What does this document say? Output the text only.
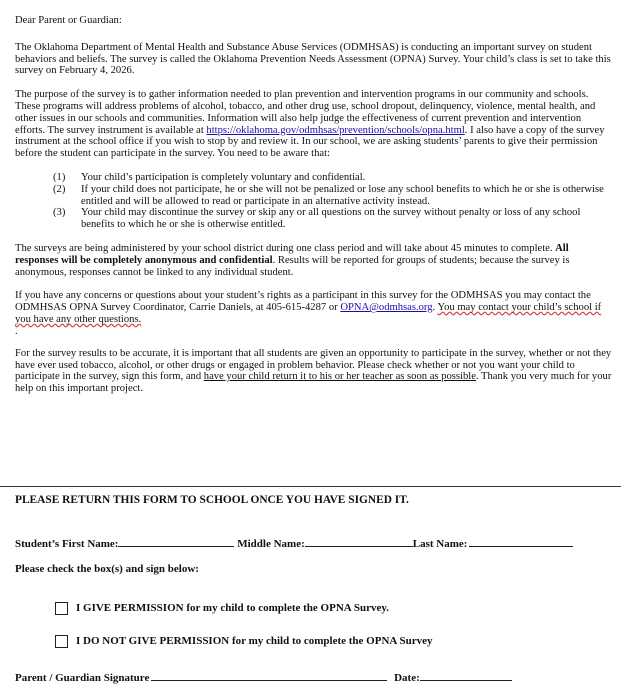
Dear Parent or Guardian:

The Oklahoma Department of Mental Health and Substance Abuse Services (ODMHSAS) is conducting an important survey on student behaviors and beliefs. The survey is called the Oklahoma Prevention Needs Assessment (OPNA) Survey. Your child’s class is set to take this survey on February 4, 2026.

The purpose of the survey is to gather information needed to plan prevention and intervention programs in our community and schools. These programs will address problems of alcohol, tobacco, and other drug use, school dropout, delinquency, violence, mental health, and other issues in our schools and communities. Information will also help judge the effectiveness of current prevention and intervention efforts. The survey instrument is available at https://oklahoma.gov/odmhsas/prevention/schools/opna.html. I also have a copy of the survey instrument at the school office if you wish to stop by and review it. In our school, we are asking students’ parents to give their permission before the student can participate in the survey. You need to be aware that:

(1)	Your child’s participation is completely voluntary and confidential.
(2)	If your child does not participate, he or she will not be penalized or lose any school benefits to which he or she is otherwise entitled and will be allowed to read or participate in an alternative activity instead.
(3)	Your child may discontinue the survey or skip any or all questions on the survey without penalty or loss of any school benefits to which he or she is otherwise entitled.

The surveys are being administered by your school district during one class period and will take about 45 minutes to complete. All responses will be completely anonymous and confidential. Results will be reported for groups of students; because the survey is anonymous, responses cannot be linked to any individual student.

If you have any concerns or questions about your student’s rights as a participant in this survey for the ODMHSAS you may contact the ODMHSAS OPNA Survey Coordinator, Carrie Daniels, at 405-615-4287 or OPNA@odmhsas.org. You may contact your child’s school if you have any other questions.

.

For the survey results to be accurate, it is important that all students are given an opportunity to participate in the survey, whether or not they have ever used tobacco, alcohol, or other drugs or engaged in problem behavior. Please check whether or not you want your child to participate in the survey, sign this form, and have your child return it to his or her teacher as soon as possible. Thank you very much for your help on this important project.

PLEASE RETURN THIS FORM TO SCHOOL ONCE YOU HAVE SIGNED IT.
Student’s First Name:	Middle Name:	Last Name:
Please check the box(s) and sign below:
I GIVE PERMISSION for my child to complete the OPNA Survey.
I DO NOT GIVE PERMISSION for my child to complete the OPNA Survey
Parent / Guardian Signature	Date:
